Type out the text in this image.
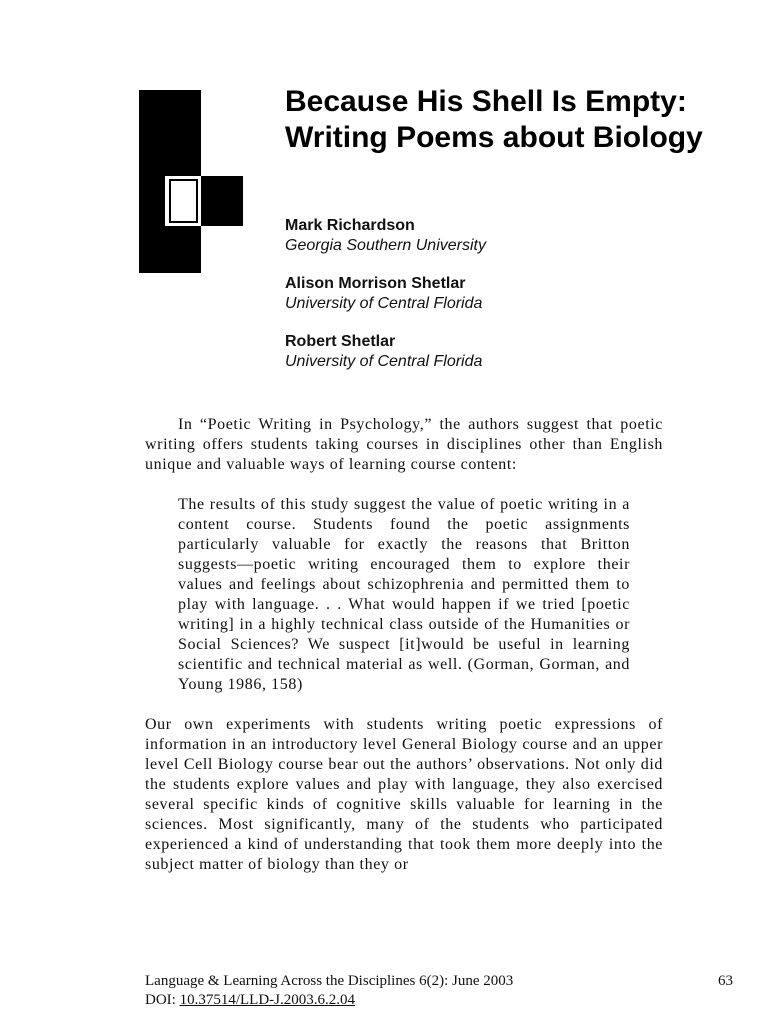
Because His Shell Is Empty: Writing Poems about Biology
Mark Richardson
Georgia Southern University
Alison Morrison Shetlar
University of Central Florida
Robert Shetlar
University of Central Florida

In “Poetic Writing in Psychology,” the authors suggest that poetic writing offers students taking courses in disciplines other than English unique and valuable ways of learning course content:

The results of this study suggest the value of poetic writing in a content course. Students found the poetic assignments particularly valuable for exactly the reasons that Britton suggests—poetic writing encouraged them to explore their values and feelings about schizophrenia and permitted them to play with language. . . What would happen if we tried [poetic writing] in a highly technical class outside of the Humanities or Social Sciences? We suspect [it]would be useful in learning scientific and technical material as well. (Gorman, Gorman, and Young 1986, 158)

Our own experiments with students writing poetic expressions of information in an introductory level General Biology course and an upper level Cell Biology course bear out the authors’ observations. Not only did the students explore values and play with language, they also exercised several specific kinds of cognitive skills valuable for learning in the sciences. Most significantly, many of the students who participated experienced a kind of understanding that took them more deeply into the subject matter of biology than they or

Language & Learning Across the Disciplines 6(2): June 2003
DOI: 10.37514/LLD-J.2003.6.2.04
63
